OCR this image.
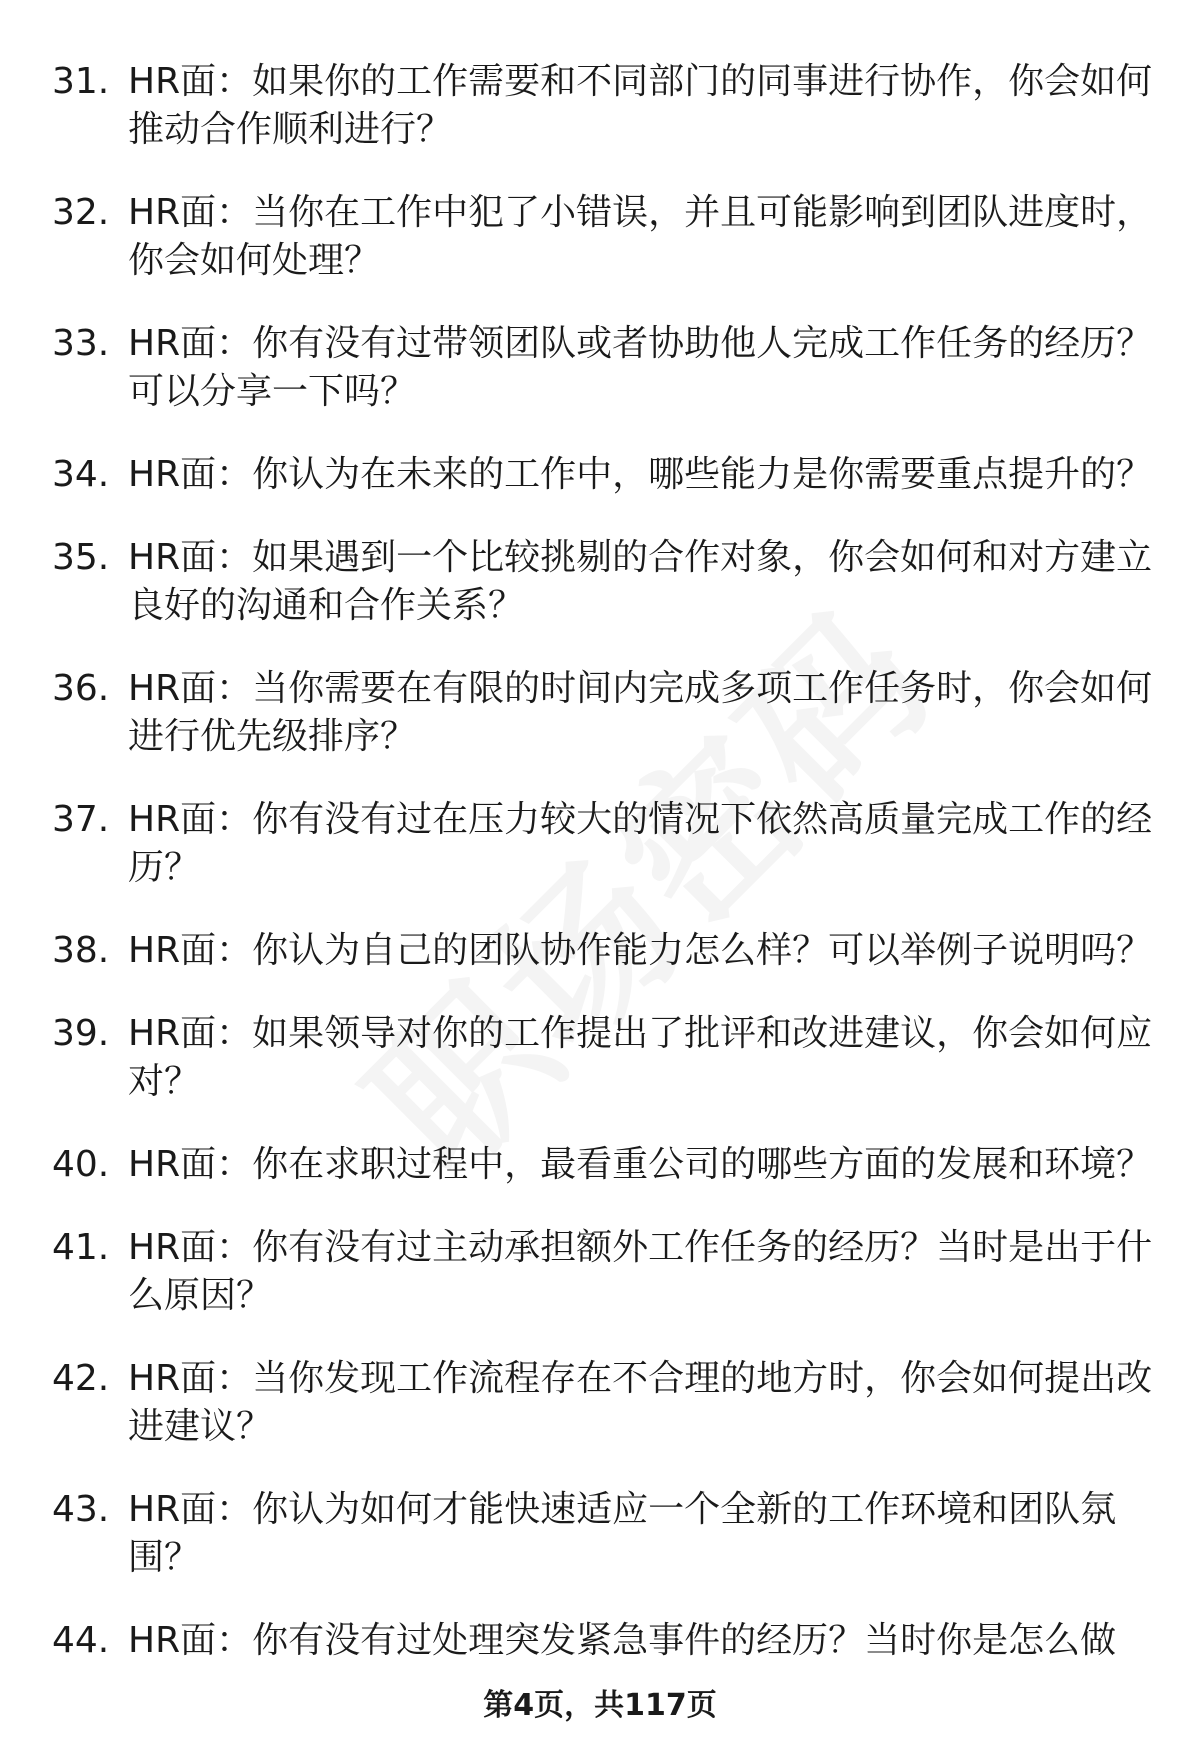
31. HR面：如果你的工作需要和不同部门的同事进行协作，你会如何推动合作顺利进行？
32. HR面：当你在工作中犯了小错误，并且可能影响到团队进度时，你会如何处理？
33. HR面：你有没有过带领团队或者协助他人完成工作任务的经历？可以分享一下吗？
34. HR面：你认为在未来的工作中，哪些能力是你需要重点提升的？
35. HR面：如果遇到一个比较挑剔的合作对象，你会如何和对方建立良好的沟通和合作关系？
36. HR面：当你需要在有限的时间内完成多项工作任务时，你会如何进行优先级排序？
37. HR面：你有没有过在压力较大的情况下依然高质量完成工作的经历？
38. HR面：你认为自己的团队协作能力怎么样？可以举例子说明吗？
39. HR面：如果领导对你的工作提出了批评和改进建议，你会如何应对？
40. HR面：你在求职过程中，最看重公司的哪些方面的发展和环境？
41. HR面：你有没有过主动承担额外工作任务的经历？当时是出于什么原因？
42. HR面：当你发现工作流程存在不合理的地方时，你会如何提出改进建议？
43. HR面：你认为如何才能快速适应一个全新的工作环境和团队氛围？
44. HR面：你有没有过处理突发紧急事件的经历？当时你是怎么做
第4页，共117页
